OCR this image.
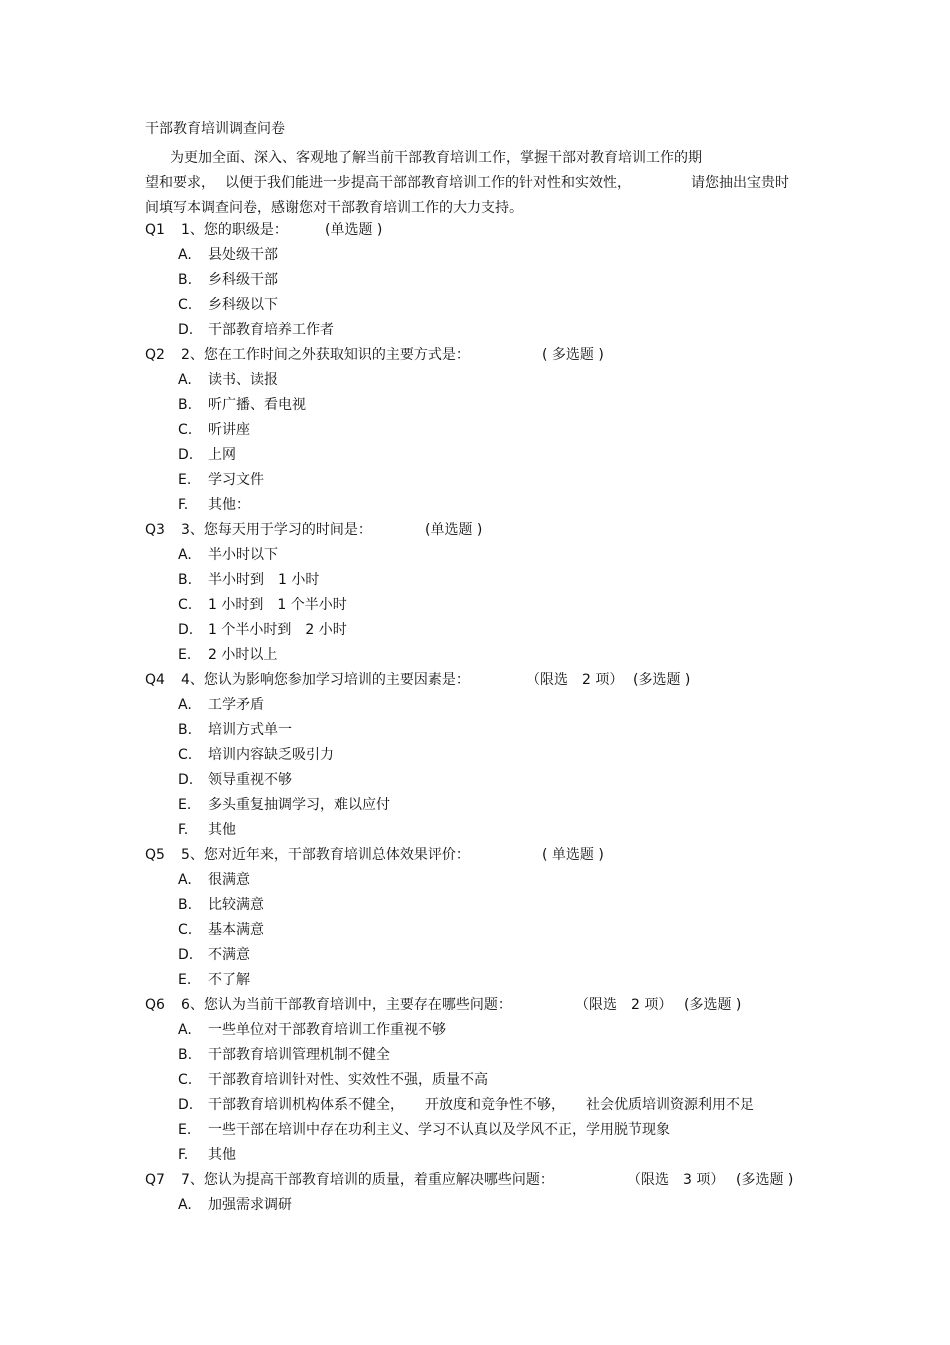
干部教育培训调查问卷
为更加全面、深入、客观地了解当前干部教育培训工作，掌握干部对教育培训工作的期
望和要求， 以便于我们能进一步提高干部部教育培训工作的针对性和实效性，	请您抽出宝贵时
间填写本调查问卷，感谢您对干部教育培训工作的大力支持。
Q1 1、您的职级是：	(单选题 )
A. 县处级干部
B. 乡科级干部
C. 乡科级以下
D. 干部教育培养工作者
Q2 2、您在工作时间之外获取知识的主要方式是：	( 多选题 )
A. 读书、读报
B. 听广播、看电视
C. 听讲座
D. 上网
E. 学习文件
F. 其他：
Q3 3、您每天用于学习的时间是：	(单选题 )
A. 半小时以下
B. 半小时到　1 小时
C. 1 小时到　1 个半小时
D. 1 个半小时到　2 小时
E. 2 小时以上
Q4 4、您认为影响您参加学习培训的主要因素是：	（限选　2 项） (多选题 )
A. 工学矛盾
B. 培训方式单一
C. 培训内容缺乏吸引力
D. 领导重视不够
E. 多头重复抽调学习，难以应付
F. 其他
Q5 5、您对近年来，干部教育培训总体效果评价：	( 单选题 )
A. 很满意
B. 比较满意
C. 基本满意
D. 不满意
E. 不了解
Q6 6、您认为当前干部教育培训中，主要存在哪些问题：	（限选　2 项） (多选题 )
A. 一些单位对干部教育培训工作重视不够
B. 干部教育培训管理机制不健全
C. 干部教育培训针对性、实效性不强，质量不高
D. 干部教育培训机构体系不健全，　　开放度和竞争性不够，　　社会优质培训资源利用不足
E. 一些干部在培训中存在功利主义、学习不认真以及学风不正，学用脱节现象
F. 其他
Q7 7、您认为提高干部教育培训的质量，着重应解决哪些问题：	（限选　3 项） (多选题 )
A. 加强需求调研
